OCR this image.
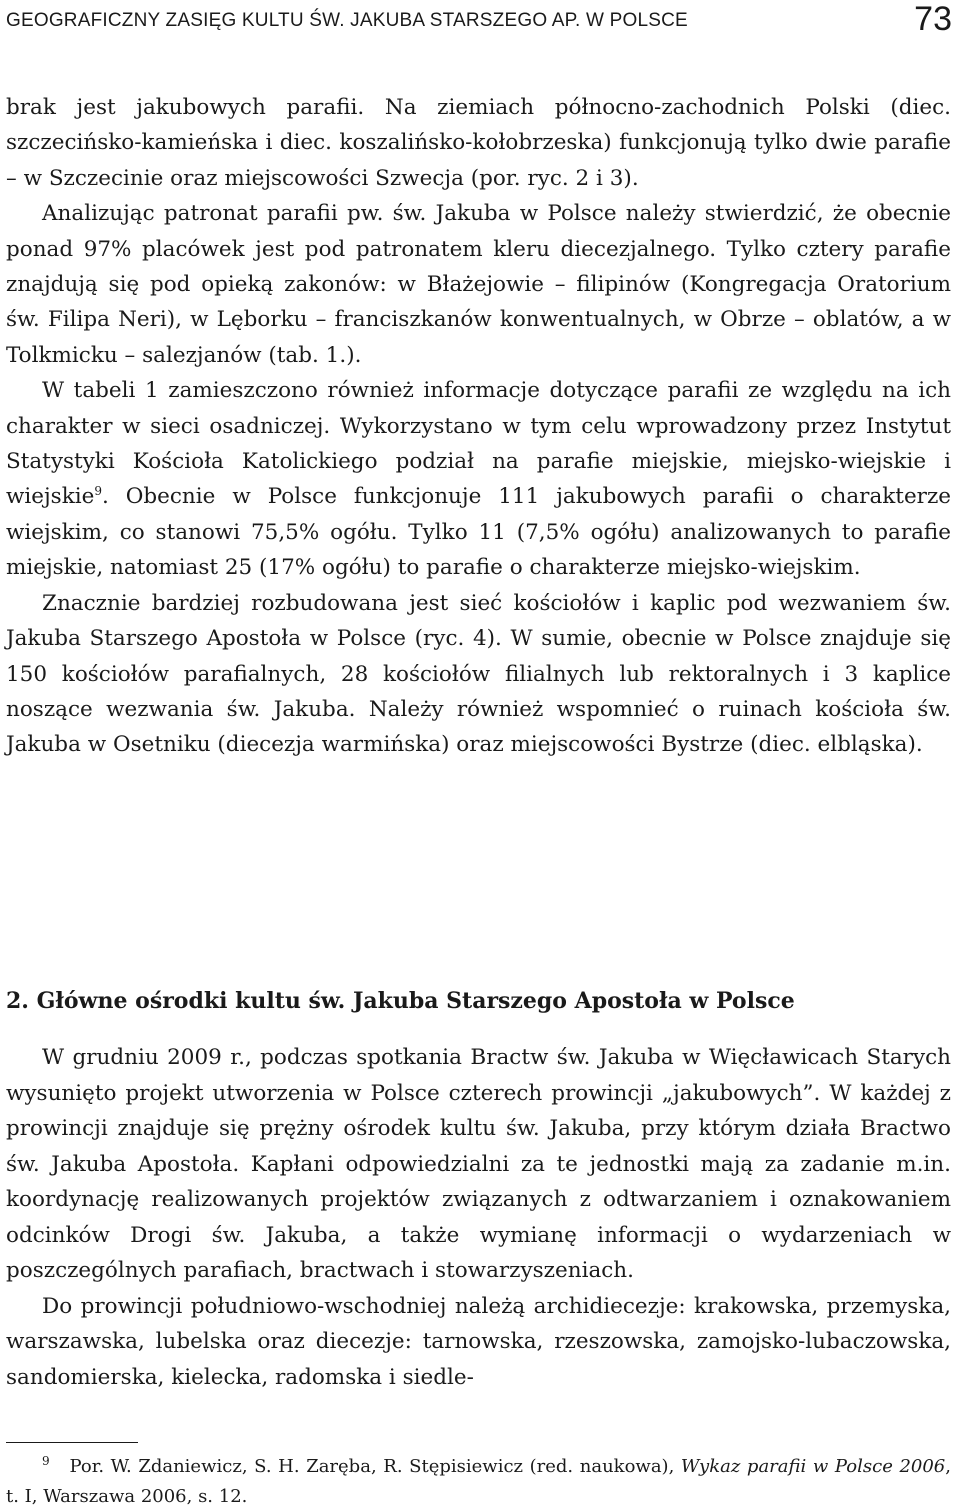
GEOGRAFICZNY ZASIĘG KULTU ŚW. JAKUBA STARSZEGO AP. W POLSCE	73

brak jest jakubowych parafii. Na ziemiach północno-zachodnich Polski (diec. szczecińsko-kamieńska i diec. koszalińsko-kołobrzeska) funkcjonują tylko dwie parafie – w Szczecinie oraz miejscowości Szwecja (por. ryc. 2 i 3).

Analizując patronat parafii pw. św. Jakuba w Polsce należy stwierdzić, że obecnie ponad 97% placówek jest pod patronatem kleru diecezjalnego. Tylko cztery parafie znajdują się pod opieką zakonów: w Błażejowie – filipinów (Kongregacja Oratorium św. Filipa Neri), w Lęborku – franciszkanów konwentualnych, w Obrze – oblatów, a w Tolkmicku – salezjanów (tab. 1.).

W tabeli 1 zamieszczono również informacje dotyczące parafii ze względu na ich charakter w sieci osadniczej. Wykorzystano w tym celu wprowadzony przez Instytut Statystyki Kościoła Katolickiego podział na parafie miejskie, miejsko-wiejskie i wiejskie$^9$. Obecnie w Polsce funkcjonuje 111 jakubowych parafii o charakterze wiejskim, co stanowi 75,5% ogółu. Tylko 11 (7,5% ogółu) analizowanych to parafie miejskie, natomiast 25 (17% ogółu) to parafie o charakterze miejsko-wiejskim.

Znacznie bardziej rozbudowana jest sieć kościołów i kaplic pod wezwaniem św. Jakuba Starszego Apostoła w Polsce (ryc. 4). W sumie, obecnie w Polsce znajduje się 150 kościołów parafialnych, 28 kościołów filialnych lub rektoralnych i 3 kaplice noszące wezwania św. Jakuba. Należy również wspomnieć o ruinach kościoła św. Jakuba w Osetniku (diecezja warmińska) oraz miejscowości Bystrze (diec. elbląska).

2. Główne ośrodki kultu św. Jakuba Starszego Apostoła w Polsce

W grudniu 2009 r., podczas spotkania Bractw św. Jakuba w Więcławicach Starych wysunięto projekt utworzenia w Polsce czterech prowincji „jakubowych”. W każdej z prowincji znajduje się prężny ośrodek kultu św. Jakuba, przy którym działa Bractwo św. Jakuba Apostoła. Kapłani odpowiedzialni za te jednostki mają za zadanie m.in. koordynację realizowanych projektów związanych z odtwarzaniem i oznakowaniem odcinków Drogi św. Jakuba, a także wymianę informacji o wydarzeniach w poszczególnych parafiach, bractwach i stowarzyszeniach.

Do prowincji południowo-wschodniej należą archidiecezje: krakowska, przemyska, warszawska, lubelska oraz diecezje: tarnowska, rzeszowska, zamojsko-lubaczowska, sandomierska, kielecka, radomska i siedle-

$^9$ Por. W. Zdaniewicz, S. H. Zaręba, R. Stępisiewicz (red. naukowa), Wykaz parafii w Polsce 2006, t. I, Warszawa 2006, s. 12.
